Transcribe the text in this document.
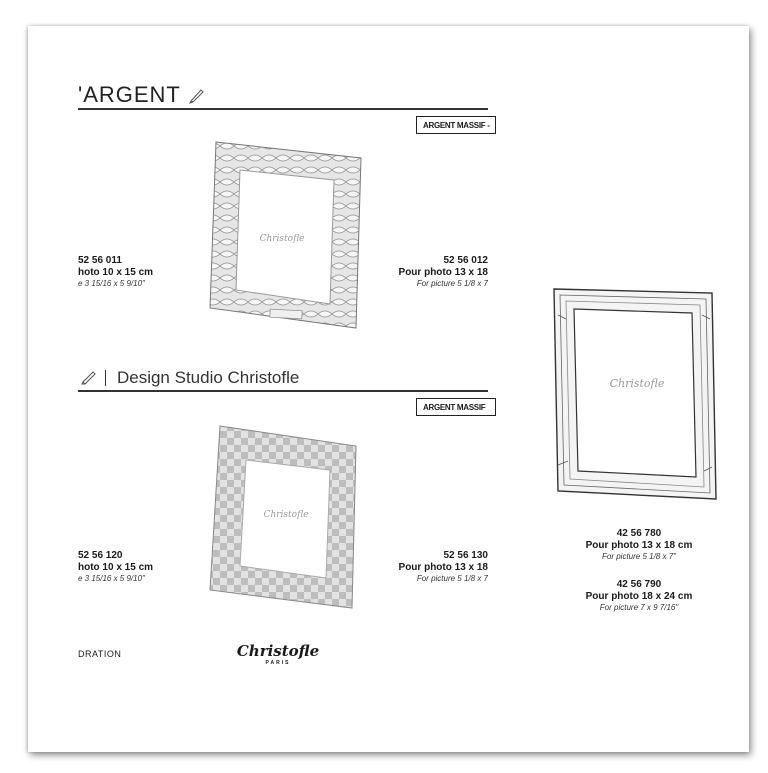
'ARGENT
ARGENT MASSIF -
Christofle
52 56 011
hoto 10 x 15 cm
e 3 15/16 x 5 9/10"
52 56 012
Pour photo 13 x 18
For picture 5 1/8 x 7
Design Studio Christofle
ARGENT MASSIF
Christofle
52 56 120
hoto 10 x 15 cm
e 3 15/16 x 5 9/10"
52 56 130
Pour photo 13 x 18
For picture 5 1/8 x 7
DRATION	Christofle
PARIS
Christofle
42 56 780
Pour photo 13 x 18 cm
For picture 5 1/8 x 7"
42 56 790
Pour photo 18 x 24 cm
For picture 7 x 9 7/16"
